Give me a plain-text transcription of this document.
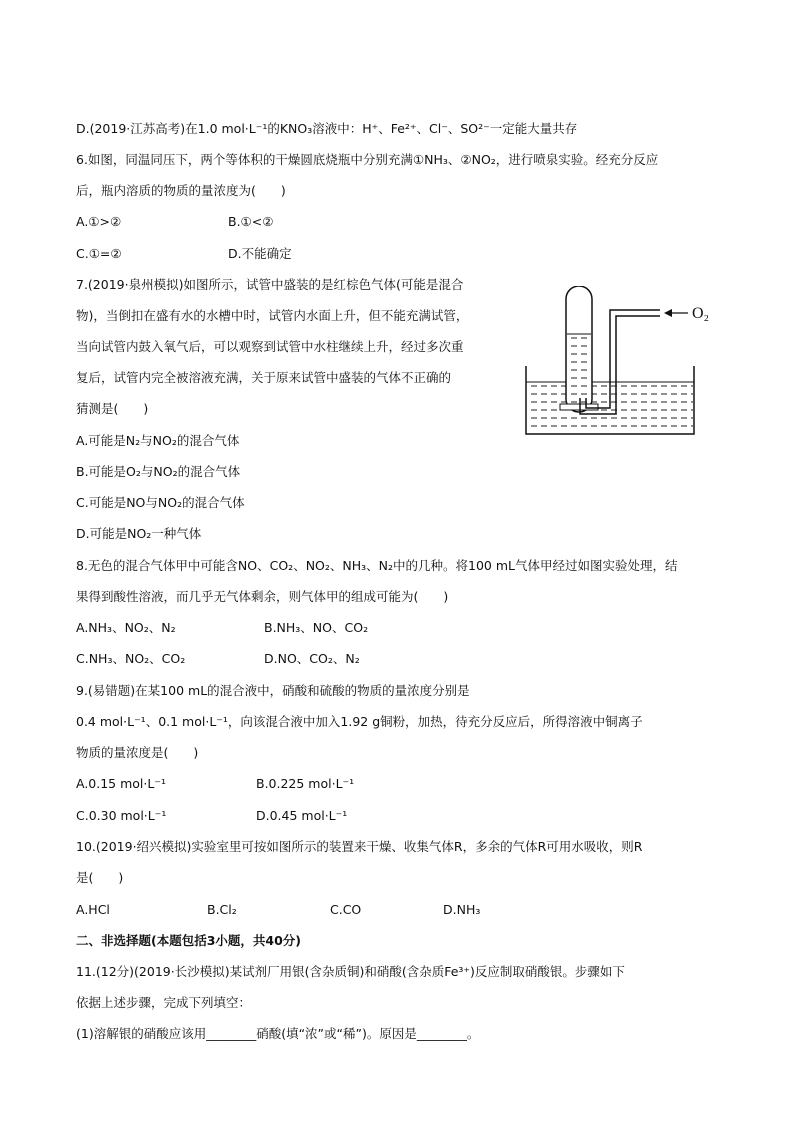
D.(2019·江苏高考)在1.0 mol·L⁻¹的KNO₃溶液中：H⁺、Fe²⁺、Cl⁻、SO²⁻一定能大量共存
6.如图，同温同压下，两个等体积的干燥圆底烧瓶中分别充满①NH₃、②NO₂，进行喷泉实验。经充分反应
后，瓶内溶质的物质的量浓度为(　　)
A.①>②	B.①<②
C.①=②	D.不能确定
7.(2019·泉州模拟)如图所示，试管中盛装的是红棕色气体(可能是混合
物)，当倒扣在盛有水的水槽中时，试管内水面上升，但不能充满试管，
当向试管内鼓入氧气后，可以观察到试管中水柱继续上升，经过多次重
复后，试管内完全被溶液充满，关于原来试管中盛装的气体不正确的
猜测是(　　)
O₂
A.可能是N₂与NO₂的混合气体
B.可能是O₂与NO₂的混合气体
C.可能是NO与NO₂的混合气体
D.可能是NO₂一种气体
8.无色的混合气体甲中可能含NO、CO₂、NO₂、NH₃、N₂中的几种。将100 mL气体甲经过如图实验处理，结
果得到酸性溶液，而几乎无气体剩余，则气体甲的组成可能为(　　)
A.NH₃、NO₂、N₂	B.NH₃、NO、CO₂
C.NH₃、NO₂、CO₂	D.NO、CO₂、N₂
9.(易错题)在某100 mL的混合液中，硝酸和硫酸的物质的量浓度分别是
0.4 mol·L⁻¹、0.1 mol·L⁻¹，向该混合液中加入1.92 g铜粉，加热，待充分反应后，所得溶液中铜离子
物质的量浓度是(　　)
A.0.15 mol·L⁻¹	B.0.225 mol·L⁻¹
C.0.30 mol·L⁻¹	D.0.45 mol·L⁻¹
10.(2019·绍兴模拟)实验室里可按如图所示的装置来干燥、收集气体R，多余的气体R可用水吸收，则R
是(　　)
A.HCl	B.Cl₂	C.CO	D.NH₃
二、非选择题(本题包括3小题，共40分)
11.(12分)(2019·长沙模拟)某试剂厂用银(含杂质铜)和硝酸(含杂质Fe³⁺)反应制取硝酸银。步骤如下
依据上述步骤，完成下列填空：
(1)溶解银的硝酸应该用________硝酸(填“浓”或“稀”)。原因是________。
